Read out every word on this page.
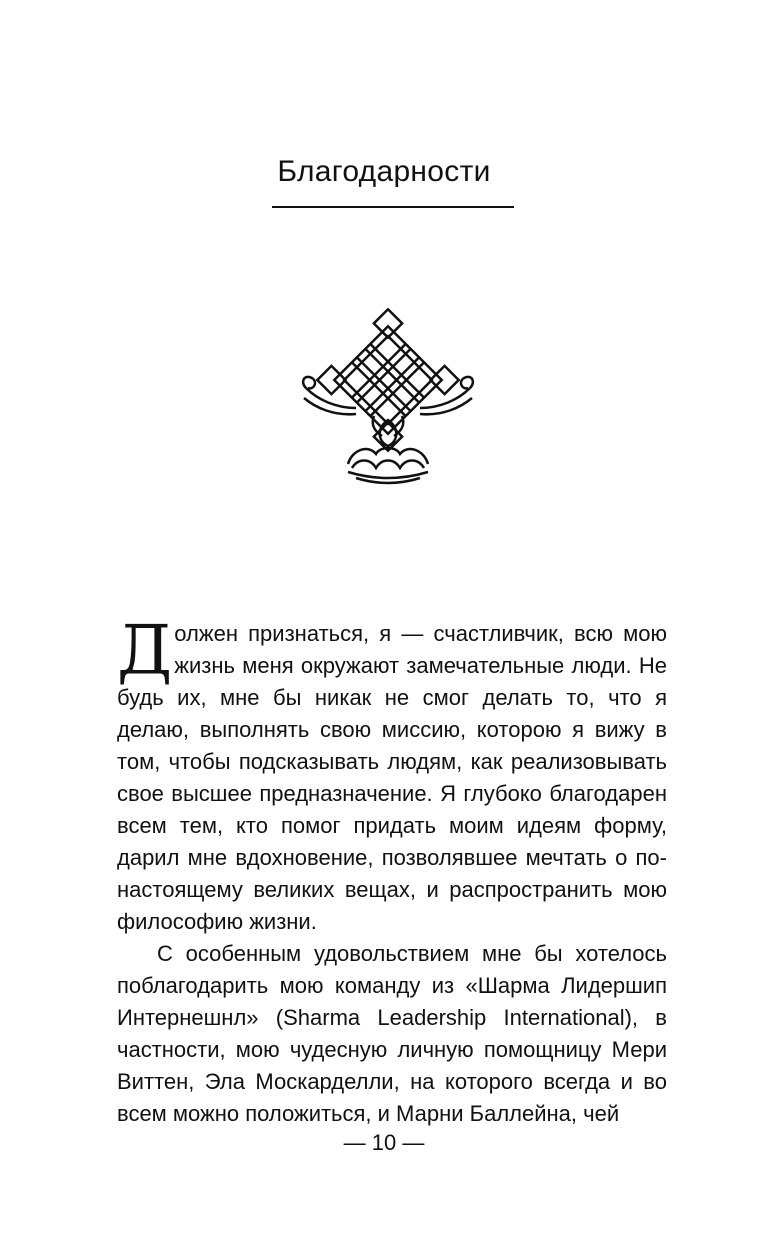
Благодарности

Должен признаться, я — счастливчик, всю мою жизнь меня окружают замечательные люди. Не будь их, мне бы никак не смог делать то, что я делаю, выполнять свою миссию, которою я вижу в том, чтобы подсказывать людям, как реализовывать свое высшее предназначение. Я глубоко благодарен всем тем, кто помог придать моим идеям форму, дарил мне вдохновение, позволявшее мечтать о по-настоящему великих вещах, и распространить мою философию жизни.

С особенным удовольствием мне бы хотелось поблагодарить мою команду из «Шарма Лидершип Интернешнл» (Sharma Leadership International), в частности, мою чудесную личную помощницу Мери Виттен, Эла Москарделли, на которого всегда и во всем можно положиться, и Марни Баллейна, чей

— 10 —
